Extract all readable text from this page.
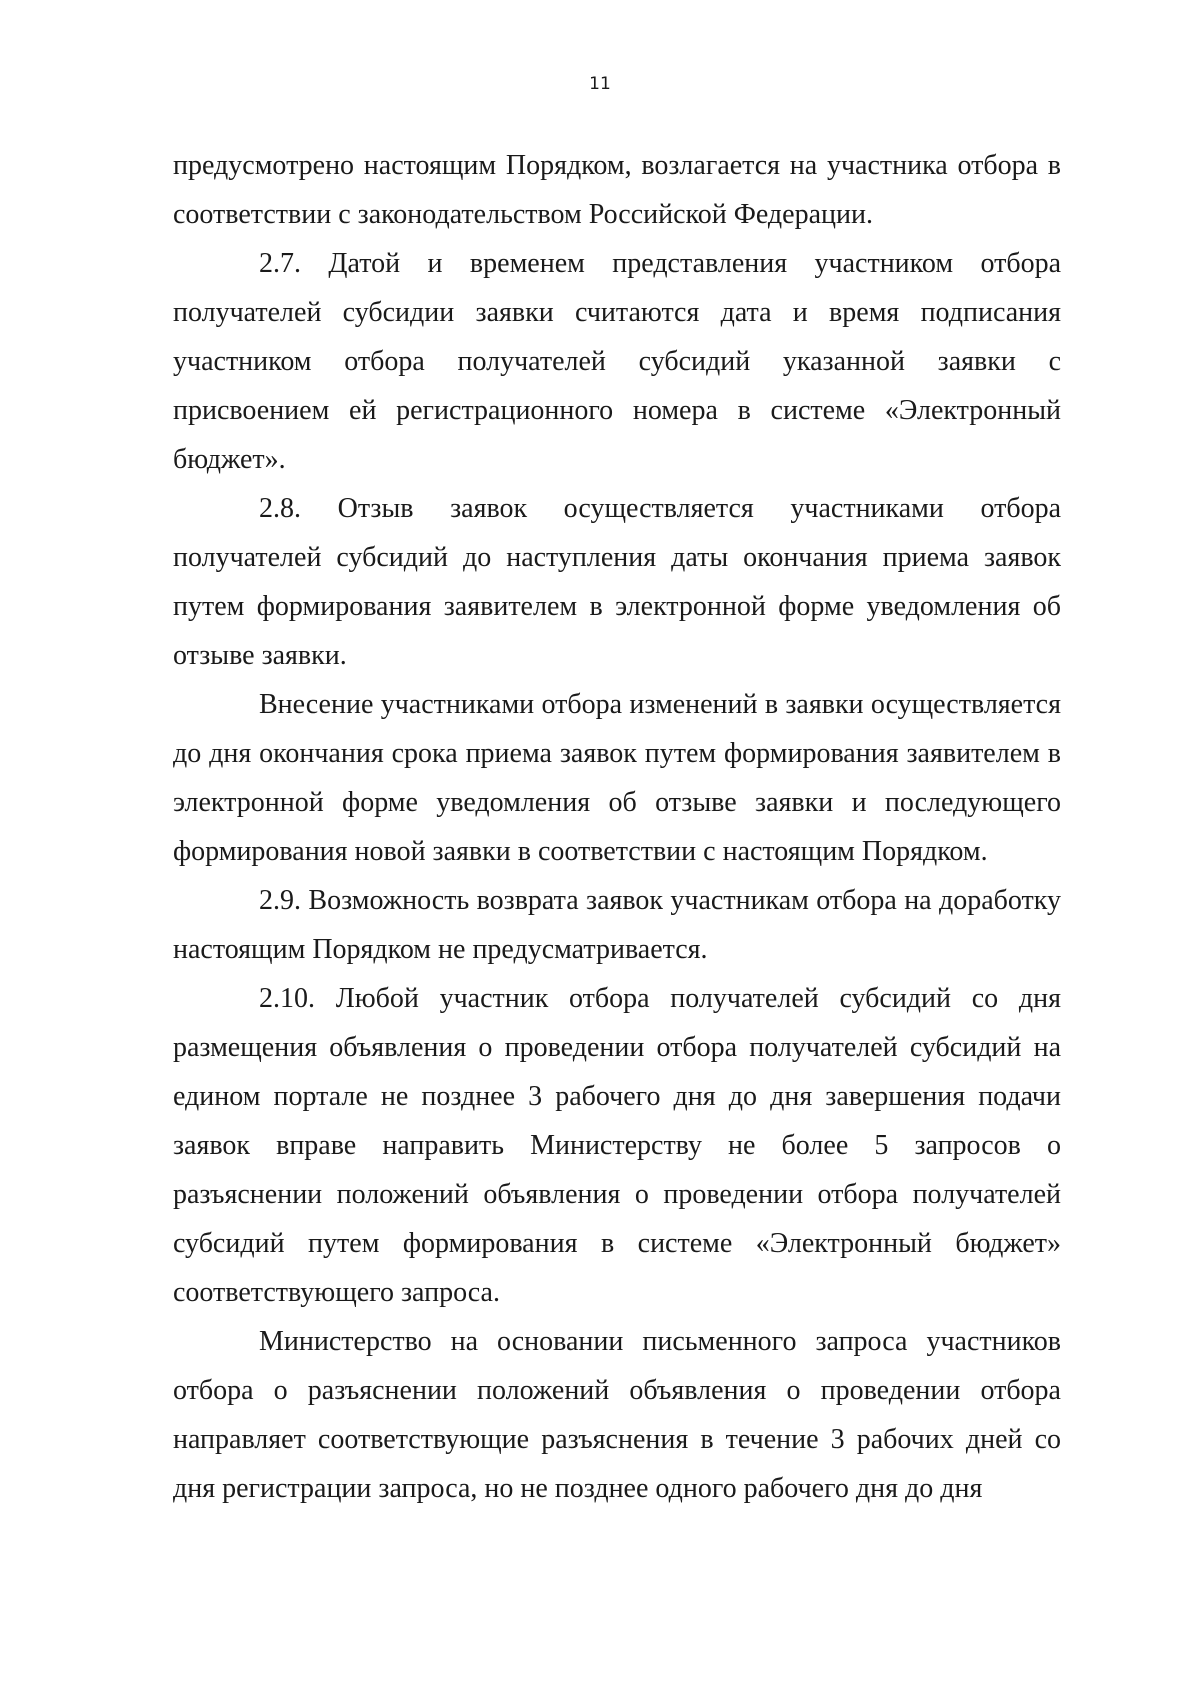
11

предусмотрено настоящим Порядком, возлагается на участника отбора в соответствии с законодательством Российской Федерации.

2.7. Датой и временем представления участником отбора получателей субсидии заявки считаются дата и время подписания участником отбора получателей субсидий указанной заявки с присвоением ей регистрационного номера в системе «Электронный бюджет».

2.8. Отзыв заявок осуществляется участниками отбора получателей субсидий до наступления даты окончания приема заявок путем формирования заявителем в электронной форме уведомления об отзыве заявки.

Внесение участниками отбора изменений в заявки осуществляется до дня окончания срока приема заявок путем формирования заявителем в электронной форме уведомления об отзыве заявки и последующего формирования новой заявки в соответствии с настоящим Порядком.

2.9. Возможность возврата заявок участникам отбора на доработку настоящим Порядком не предусматривается.

2.10. Любой участник отбора получателей субсидий со дня размещения объявления о проведении отбора получателей субсидий на едином портале не позднее 3 рабочего дня до дня завершения подачи заявок вправе направить Министерству не более 5 запросов о разъяснении положений объявления о проведении отбора получателей субсидий путем формирования в системе «Электронный бюджет» соответствующего запроса.

Министерство на основании письменного запроса участников отбора о разъяснении положений объявления о проведении отбора направляет соответствующие разъяснения в течение 3 рабочих дней со дня регистрации запроса, но не позднее одного рабочего дня до дня
